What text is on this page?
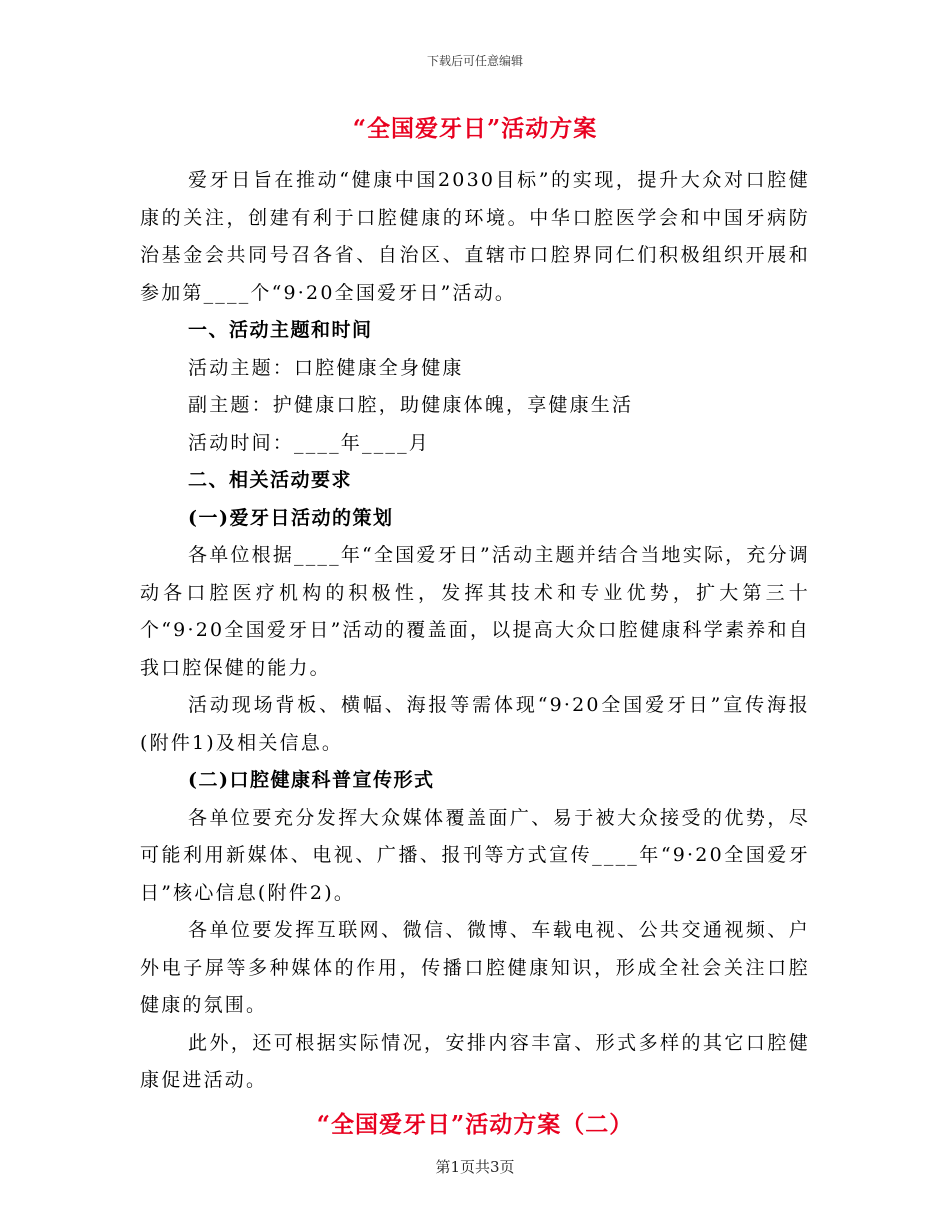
下载后可任意编辑
“全国爱牙日”活动方案

爱牙日旨在推动“健康中国2030目标”的实现，提升大众对口腔健康的关注，创建有利于口腔健康的环境。中华口腔医学会和中国牙病防治基金会共同号召各省、自治区、直辖市口腔界同仁们积极组织开展和参加第____个“9·20全国爱牙日”活动。

一、活动主题和时间

活动主题：口腔健康全身健康

副主题：护健康口腔，助健康体魄，享健康生活

活动时间：____年____月

二、相关活动要求

(一)爱牙日活动的策划

各单位根据____年“全国爱牙日”活动主题并结合当地实际，充分调动各口腔医疗机构的积极性，发挥其技术和专业优势，扩大第三十个“9·20全国爱牙日”活动的覆盖面，以提高大众口腔健康科学素养和自我口腔保健的能力。

活动现场背板、横幅、海报等需体现“9·20全国爱牙日”宣传海报(附件1)及相关信息。

(二)口腔健康科普宣传形式

各单位要充分发挥大众媒体覆盖面广、易于被大众接受的优势，尽可能利用新媒体、电视、广播、报刊等方式宣传____年“9·20全国爱牙日”核心信息(附件2)。

各单位要发挥互联网、微信、微博、车载电视、公共交通视频、户外电子屏等多种媒体的作用，传播口腔健康知识，形成全社会关注口腔健康的氛围。

此外，还可根据实际情况，安排内容丰富、形式多样的其它口腔健康促进活动。

“全国爱牙日”活动方案（二）
第1页共3页
